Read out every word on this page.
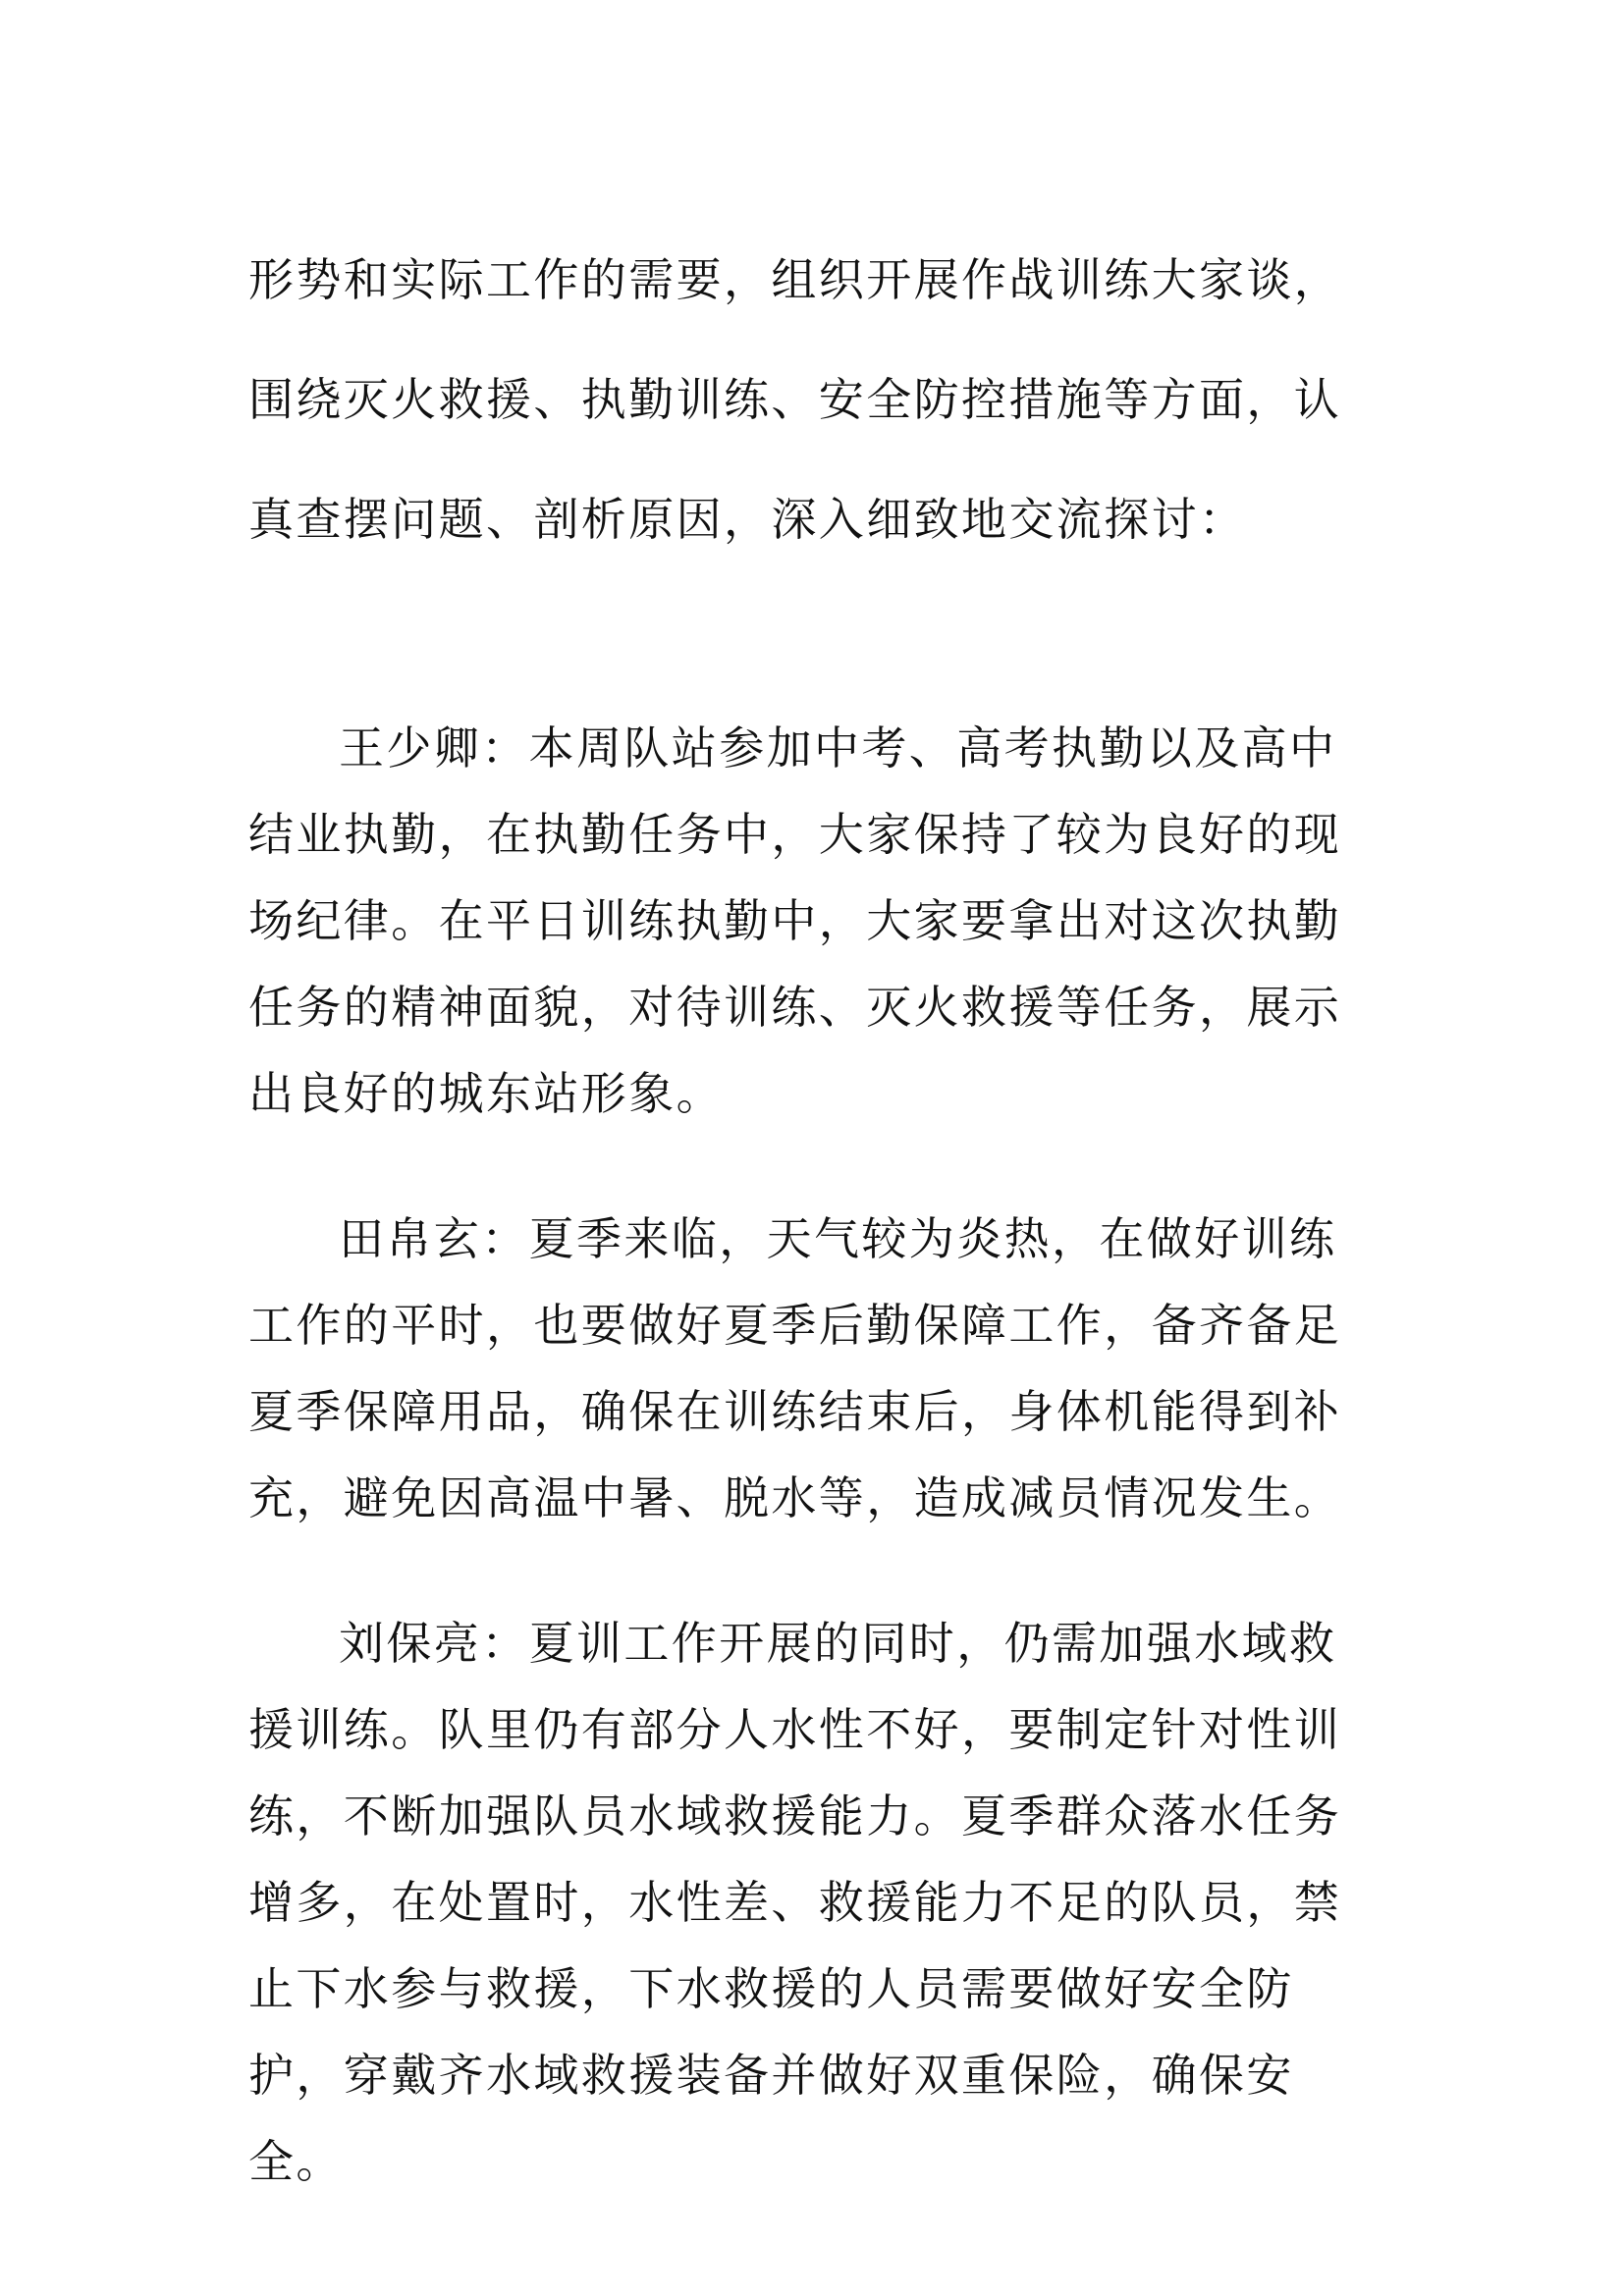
形势和实际工作的需要，组织开展作战训练大家谈，围绕灭火救援、执勤训练、安全防控措施等方面，认真查摆问题、剖析原因，深入细致地交流探讨：

王少卿：本周队站参加中考、高考执勤以及高中结业执勤，在执勤任务中，大家保持了较为良好的现场纪律。在平日训练执勤中，大家要拿出对这次执勤任务的精神面貌，对待训练、灭火救援等任务，展示出良好的城东站形象。

田帛玄：夏季来临，天气较为炎热，在做好训练工作的平时，也要做好夏季后勤保障工作，备齐备足夏季保障用品，确保在训练结束后，身体机能得到补充，避免因高温中暑、脱水等，造成减员情况发生。

刘保亮：夏训工作开展的同时，仍需加强水域救援训练。队里仍有部分人水性不好，要制定针对性训练，不断加强队员水域救援能力。夏季群众落水任务增多，在处置时，水性差、救援能力不足的队员，禁止下水参与救援，下水救援的人员需要做好安全防护，穿戴齐水域救援装备并做好双重保险，确保安全。
